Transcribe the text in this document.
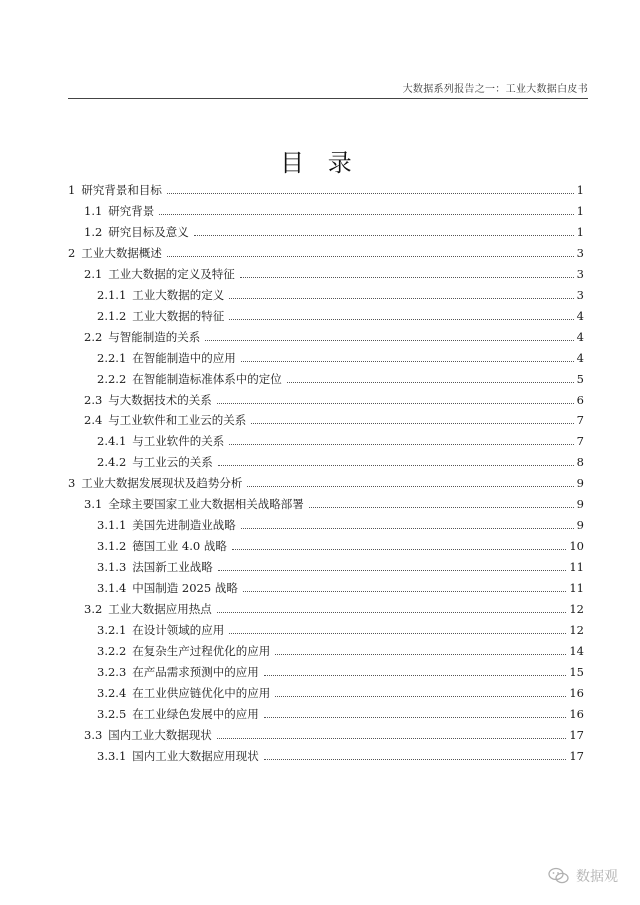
大数据系列报告之一：工业大数据白皮书
目 录
1 研究背景和目标	1
1.1 研究背景	1
1.2 研究目标及意义	1
2 工业大数据概述	3
2.1 工业大数据的定义及特征	3
2.1.1 工业大数据的定义	3
2.1.2 工业大数据的特征	4
2.2 与智能制造的关系	4
2.2.1 在智能制造中的应用	4
2.2.2 在智能制造标准体系中的定位	5
2.3 与大数据技术的关系	6
2.4 与工业软件和工业云的关系	7
2.4.1 与工业软件的关系	7
2.4.2 与工业云的关系	8
3 工业大数据发展现状及趋势分析	9
3.1 全球主要国家工业大数据相关战略部署	9
3.1.1 美国先进制造业战略	9
3.1.2 德国工业 4.0 战略	10
3.1.3 法国新工业战略	11
3.1.4 中国制造 2025 战略	11
3.2 工业大数据应用热点	12
3.2.1 在设计领域的应用	12
3.2.2 在复杂生产过程优化的应用	14
3.2.3 在产品需求预测中的应用	15
3.2.4 在工业供应链优化中的应用	16
3.2.5 在工业绿色发展中的应用	16
3.3 国内工业大数据现状	17
3.3.1 国内工业大数据应用现状	17
数据观
